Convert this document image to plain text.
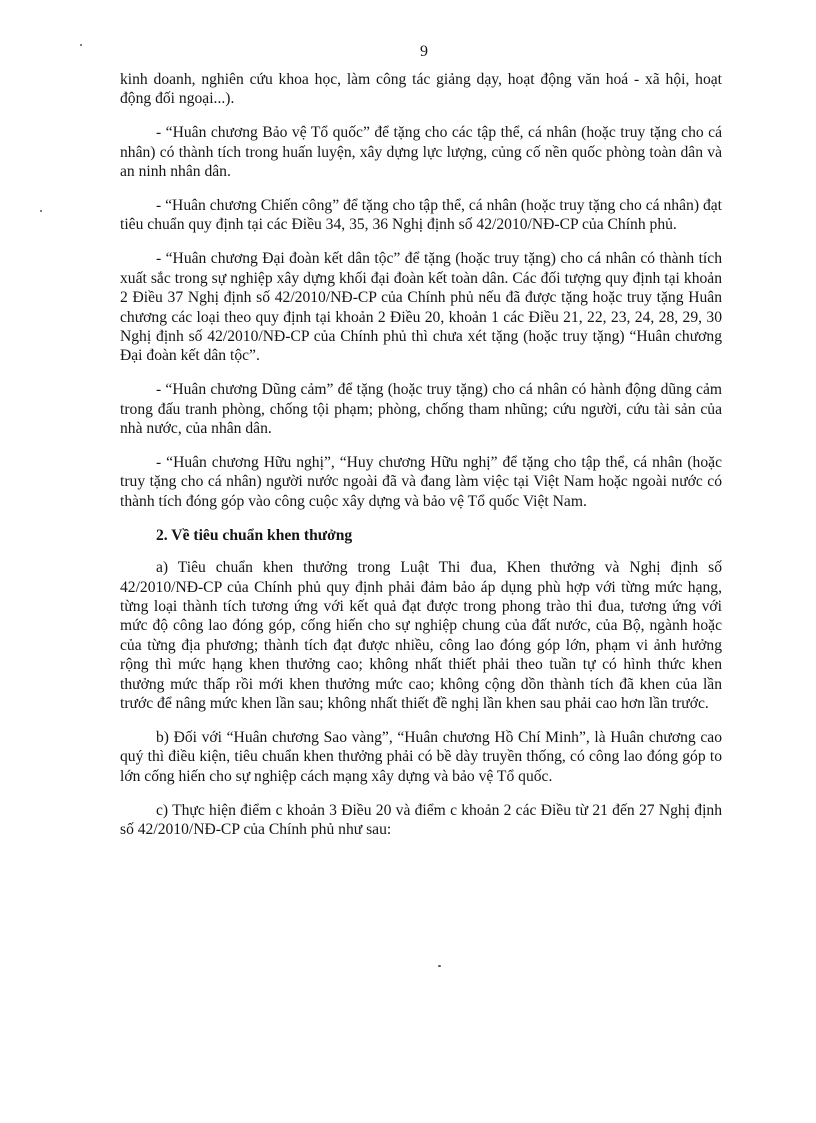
9

kinh doanh, nghiên cứu khoa học, làm công tác giảng dạy, hoạt động văn hoá - xã hội, hoạt động đối ngoại...).

- “Huân chương Bảo vệ Tổ quốc” để tặng cho các tập thể, cá nhân (hoặc truy tặng cho cá nhân) có thành tích trong huấn luyện, xây dựng lực lượng, củng cố nền quốc phòng toàn dân và an ninh nhân dân.

- “Huân chương Chiến công” để tặng cho tập thể, cá nhân (hoặc truy tặng cho cá nhân) đạt tiêu chuẩn quy định tại các Điều 34, 35, 36 Nghị định số 42/2010/NĐ-CP của Chính phủ.

- “Huân chương Đại đoàn kết dân tộc” để tặng (hoặc truy tặng) cho cá nhân có thành tích xuất sắc trong sự nghiệp xây dựng khối đại đoàn kết toàn dân. Các đối tượng quy định tại khoản 2 Điều 37 Nghị định số 42/2010/NĐ-CP của Chính phủ nếu đã được tặng hoặc truy tặng Huân chương các loại theo quy định tại khoản 2 Điều 20, khoản 1 các Điều 21, 22, 23, 24, 28, 29, 30 Nghị định số 42/2010/NĐ-CP của Chính phủ thì chưa xét tặng (hoặc truy tặng) “Huân chương Đại đoàn kết dân tộc”.

- “Huân chương Dũng cảm” để tặng (hoặc truy tặng) cho cá nhân có hành động dũng cảm trong đấu tranh phòng, chống tội phạm; phòng, chống tham nhũng; cứu người, cứu tài sản của nhà nước, của nhân dân.

- “Huân chương Hữu nghị”, “Huy chương Hữu nghị” để tặng cho tập thể, cá nhân (hoặc truy tặng cho cá nhân) người nước ngoài đã và đang làm việc tại Việt Nam hoặc ngoài nước có thành tích đóng góp vào công cuộc xây dựng và bảo vệ Tổ quốc Việt Nam.

2. Về tiêu chuẩn khen thưởng

a) Tiêu chuẩn khen thưởng trong Luật Thi đua, Khen thưởng và Nghị định số 42/2010/NĐ-CP của Chính phủ quy định phải đảm bảo áp dụng phù hợp với từng mức hạng, từng loại thành tích tương ứng với kết quả đạt được trong phong trào thi đua, tương ứng với mức độ công lao đóng góp, cống hiến cho sự nghiệp chung của đất nước, của Bộ, ngành hoặc của từng địa phương; thành tích đạt được nhiều, công lao đóng góp lớn, phạm vi ảnh hưởng rộng thì mức hạng khen thưởng cao; không nhất thiết phải theo tuần tự có hình thức khen thưởng mức thấp rồi mới khen thưởng mức cao; không cộng dồn thành tích đã khen của lần trước để nâng mức khen lần sau; không nhất thiết đề nghị lần khen sau phải cao hơn lần trước.

b) Đối với “Huân chương Sao vàng”, “Huân chương Hồ Chí Minh”, là Huân chương cao quý thì điều kiện, tiêu chuẩn khen thưởng phải có bề dày truyền thống, có công lao đóng góp to lớn cống hiến cho sự nghiệp cách mạng xây dựng và bảo vệ Tổ quốc.

c) Thực hiện điểm c khoản 3 Điều 20 và điểm c khoản 2 các Điều từ 21 đến 27 Nghị định số 42/2010/NĐ-CP của Chính phủ như sau:
